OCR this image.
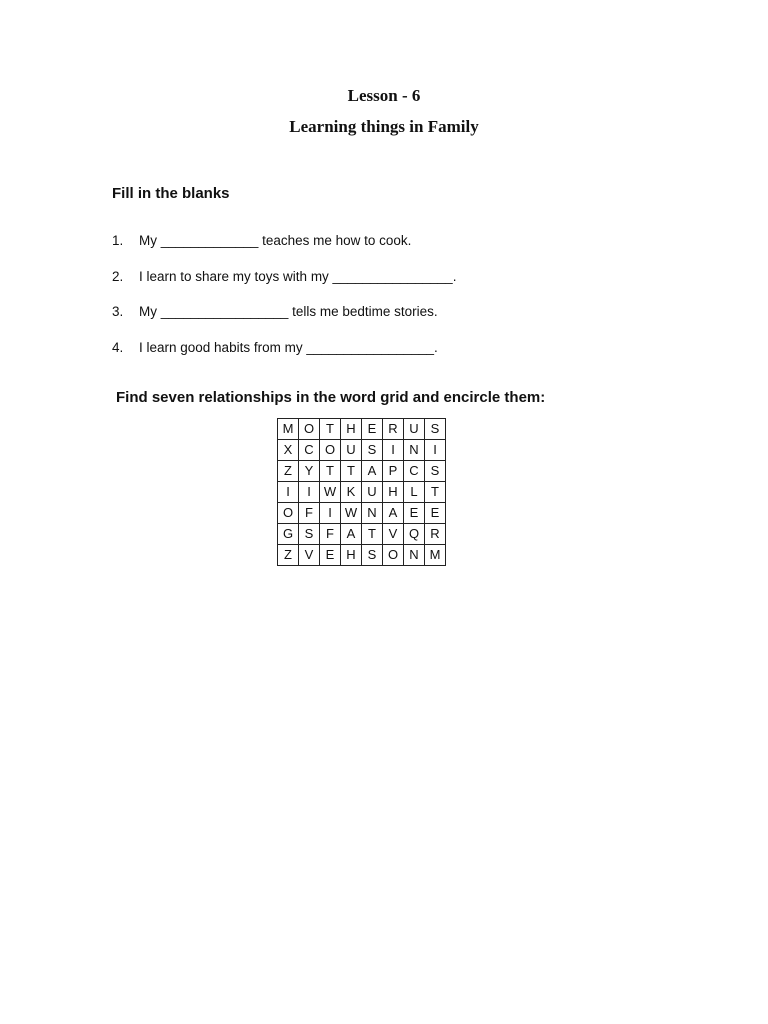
Lesson - 6
Learning things in Family
Fill in the blanks
1.	My _____________ teaches me how to cook.
2.	I learn to share my toys with my ________________.
3.	My _________________ tells me bedtime stories.
4.	I learn good habits from my _________________.
Find seven relationships in the word grid and encircle them:
M	O	T	H	E	R	U	S
X	C	O	U	S	I	N	I
Z	Y	T	T	A	P	C	S
I	I	W	K	U	H	L	T
O	F	I	W	N	A	E	E
G	S	F	A	T	V	Q	R
Z	V	E	H	S	O	N	M
